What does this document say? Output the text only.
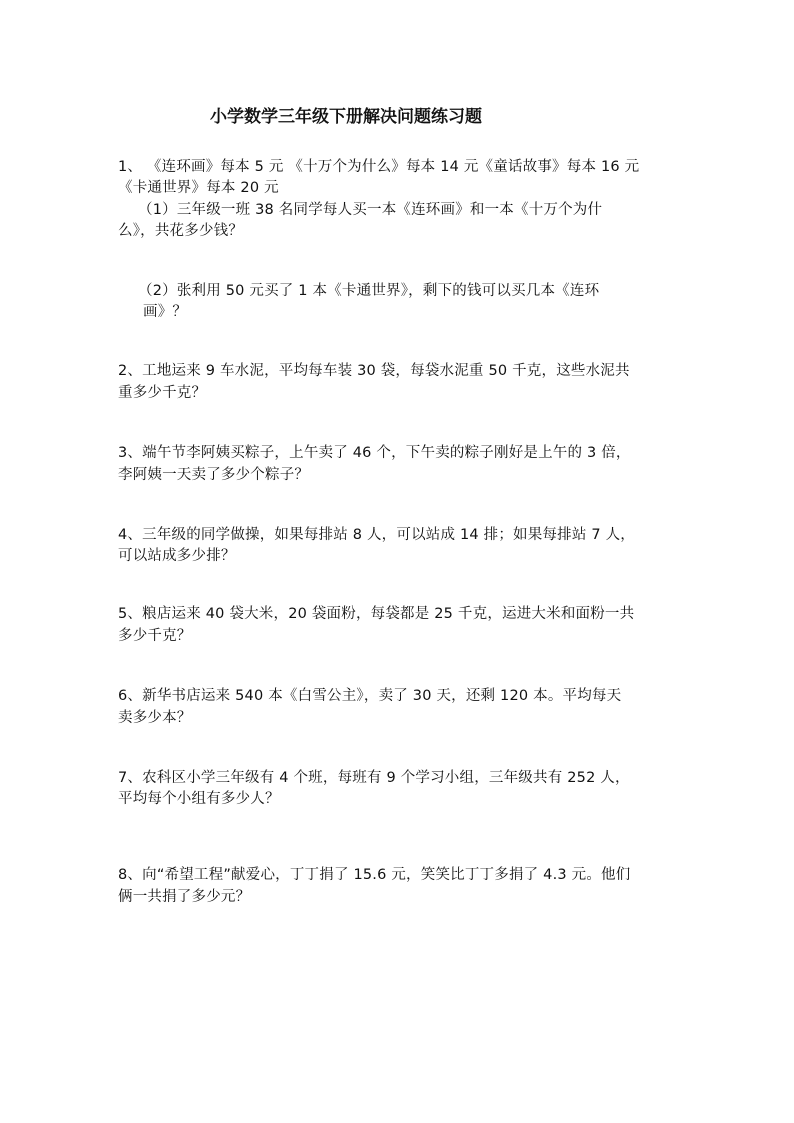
小学数学三年级下册解决问题练习题
1、 《连环画》每本 5 元 《十万个为什么》每本 14 元《童话故事》每本 16 元
《卡通世界》每本 20 元
（1）三年级一班 38 名同学每人买一本《连环画》和一本《十万个为什
么》，共花多少钱？
（2）张利用 50 元买了 1 本《卡通世界》，剩下的钱可以买几本《连环
画》？
2、工地运来 9 车水泥，平均每车装 30 袋，每袋水泥重 50 千克，这些水泥共
重多少千克？
3、端午节李阿姨买粽子，上午卖了 46 个，下午卖的粽子刚好是上午的 3 倍，
李阿姨一天卖了多少个粽子？
4、三年级的同学做操，如果每排站 8 人，可以站成 14 排；如果每排站 7 人，
可以站成多少排？
5、粮店运来 40 袋大米，20 袋面粉，每袋都是 25 千克，运进大米和面粉一共
多少千克？
6、新华书店运来 540 本《白雪公主》，卖了 30 天，还剩 120 本。平均每天
卖多少本？
7、农科区小学三年级有 4 个班，每班有 9 个学习小组，三年级共有 252 人，
平均每个小组有多少人？
8、向“希望工程”献爱心，丁丁捐了 15.6 元，笑笑比丁丁多捐了 4.3 元。他们
俩一共捐了多少元？
